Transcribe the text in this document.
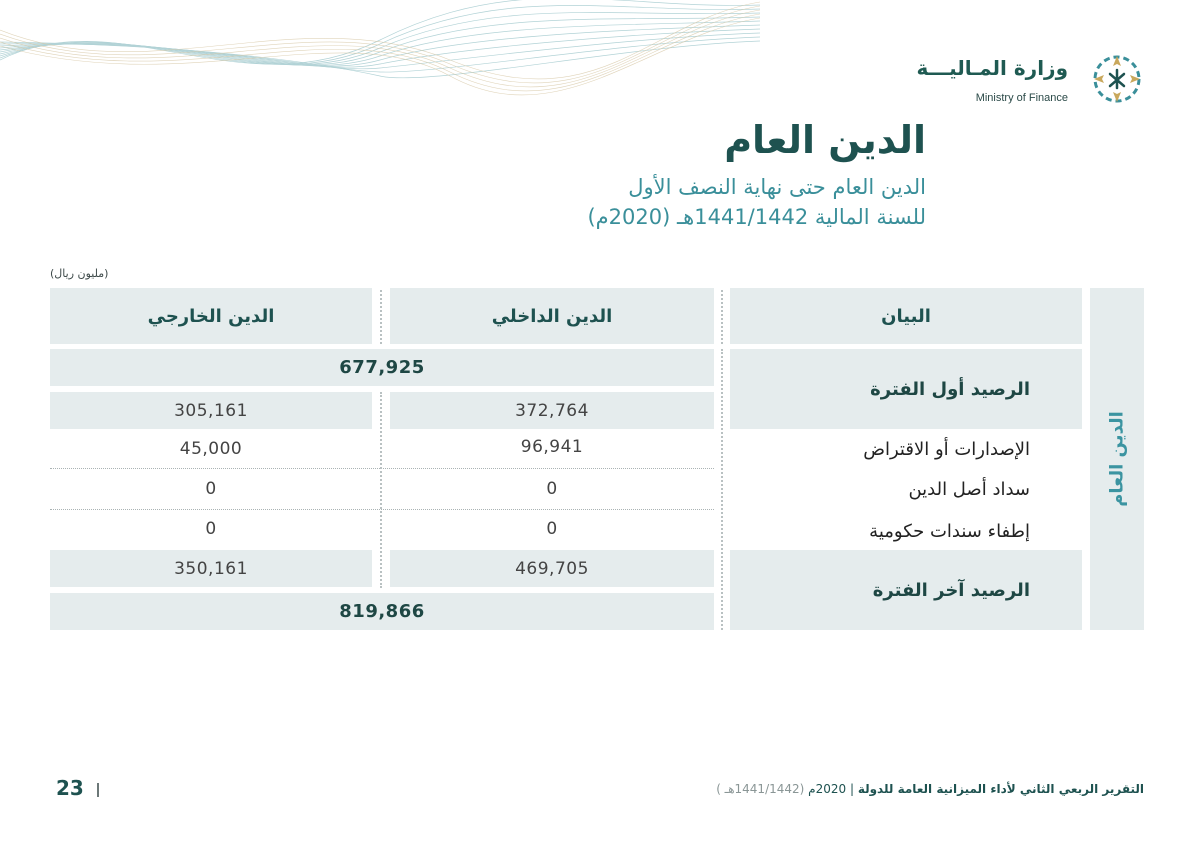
وزارة المـاليـــة
Ministry of Finance
الدين العام
الدين العام حتى نهاية النصف الأول
للسنة المالية 1441/1442هـ (2020م)
(مليون ريال)
الدين العام
البيان
الدين الداخلي
الدين الخارجي
الرصيد أول الفترة
677,925
372,764
305,161
الإصدارات أو الاقتراض
96,941
45,000
سداد أصل الدين
0
0
إطفاء سندات حكومية
0
0
الرصيد آخر الفترة
469,705
350,161
819,866
23	التقرير الربعي الثاني لأداء الميزانية العامة للدولة | 2020م (1441/1442هـ )
